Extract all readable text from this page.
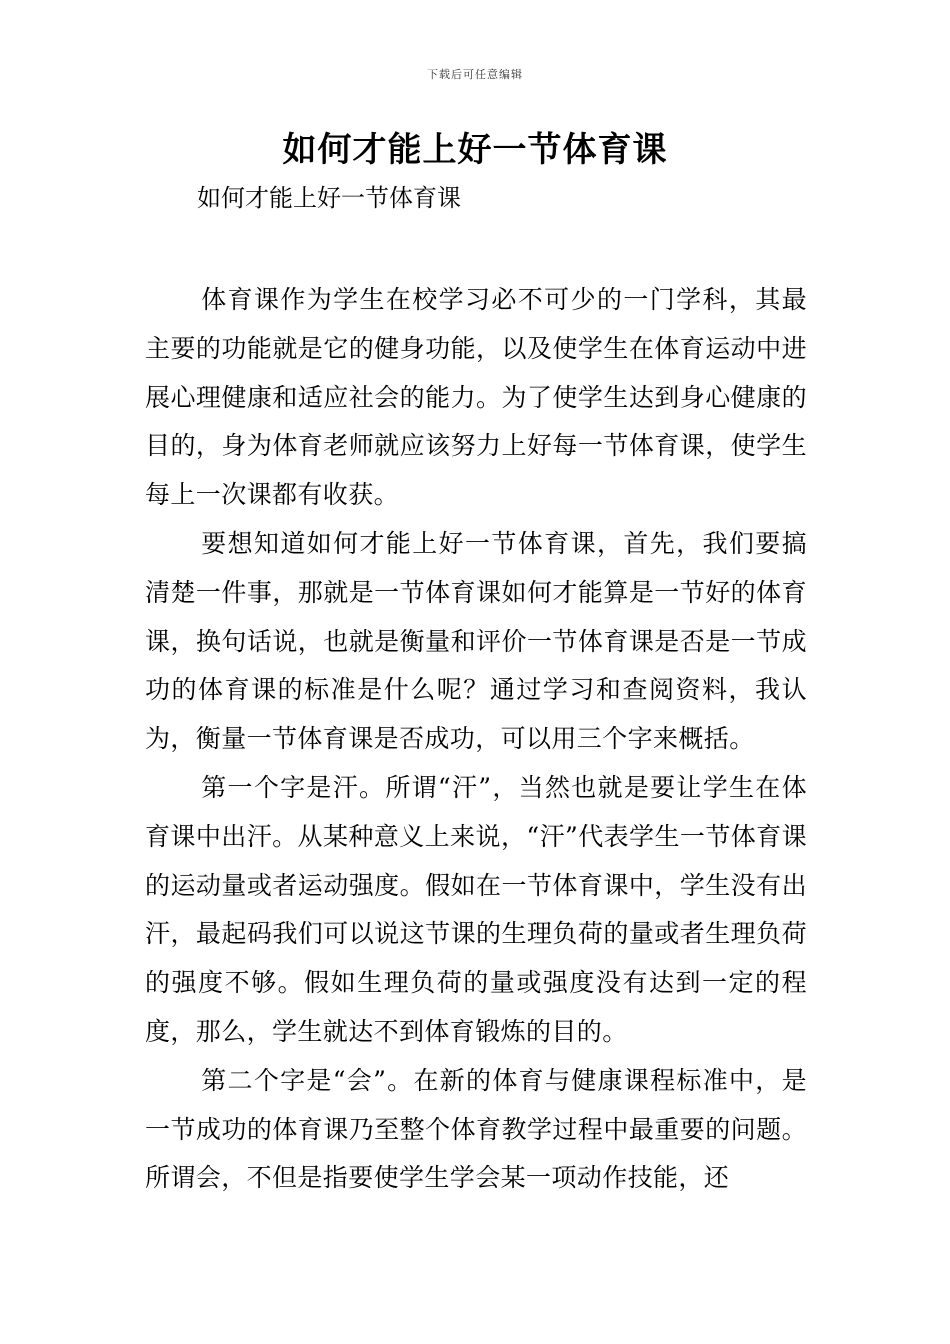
下载后可任意编辑
如何才能上好一节体育课
如何才能上好一节体育课

体育课作为学生在校学习必不可少的一门学科，其最主要的功能就是它的健身功能，以及使学生在体育运动中进展心理健康和适应社会的能力。为了使学生达到身心健康的目的，身为体育老师就应该努力上好每一节体育课，使学生每上一次课都有收获。

要想知道如何才能上好一节体育课，首先，我们要搞清楚一件事，那就是一节体育课如何才能算是一节好的体育课，换句话说，也就是衡量和评价一节体育课是否是一节成功的体育课的标准是什么呢？通过学习和查阅资料，我认为，衡量一节体育课是否成功，可以用三个字来概括。

第一个字是汗。所谓“汗”，当然也就是要让学生在体育课中出汗。从某种意义上来说，“汗”代表学生一节体育课的运动量或者运动强度。假如在一节体育课中，学生没有出汗，最起码我们可以说这节课的生理负荷的量或者生理负荷的强度不够。假如生理负荷的量或强度没有达到一定的程度，那么，学生就达不到体育锻炼的目的。

第二个字是“会”。在新的体育与健康课程标准中，是一节成功的体育课乃至整个体育教学过程中最重要的问题。所谓会，不但是指要使学生学会某一项动作技能，还
